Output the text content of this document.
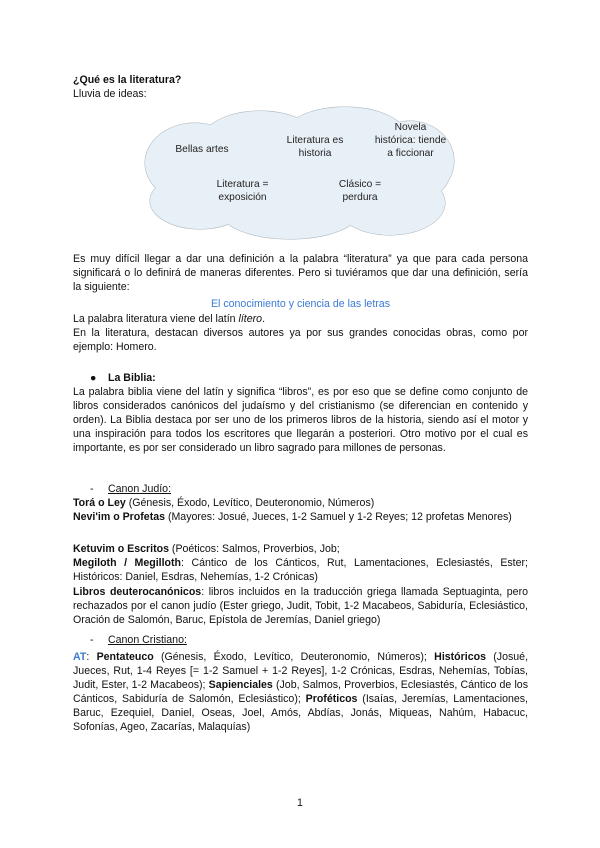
¿Qué es la literatura?

Lluvia de ideas:

Bellas artes
Literatura es
historia
Novela
histórica: tiende
a ficcionar
Literatura =
exposición
Clásico =
perdura

Es muy difícil llegar a dar una definición a la palabra “literatura” ya que para cada persona significará o lo definirá de maneras diferentes. Pero si tuviéramos que dar una definición, sería la siguiente:

El conocimiento y ciencia de las letras

La palabra literatura viene del latín lítero.

En la literatura, destacan diversos autores ya por sus grandes conocidas obras, como por ejemplo: Homero.

● La Biblia:

La palabra biblia viene del latín y significa “libros”, es por eso que se define como conjunto de libros considerados canónicos del judaísmo y del cristianismo (se diferencian en contenido y orden). La Biblia destaca por ser uno de los primeros libros de la historia, siendo así el motor y una inspiración para todos los escritores que llegarán a posteriori. Otro motivo por el cual es importante, es por ser considerado un libro sagrado para millones de personas.

- Canon Judío:

Torá o Ley (Génesis, Éxodo, Levítico, Deuteronomio, Números)

Nevi'im o Profetas (Mayores: Josué, Jueces, 1-2 Samuel y 1-2 Reyes; 12 profetas Menores)

Ketuvim o Escritos (Poéticos: Salmos, Proverbios, Job;

Megiloth / Megilloth: Cántico de los Cánticos, Rut, Lamentaciones, Eclesiastés, Ester; Históricos: Daniel, Esdras, Nehemías, 1-2 Crónicas)

Libros deuterocanónicos: libros incluidos en la traducción griega llamada Septuaginta, pero rechazados por el canon judío (Ester griego, Judit, Tobit, 1-2 Macabeos, Sabiduría, Eclesiástico, Oración de Salomón, Baruc, Epístola de Jeremías, Daniel griego)

- Canon Cristiano:

AT: Pentateuco (Génesis, Éxodo, Levítico, Deuteronomio, Números); Históricos (Josué, Jueces, Rut, 1-4 Reyes [= 1-2 Samuel + 1-2 Reyes], 1-2 Crónicas, Esdras, Nehemías, Tobías, Judit, Ester, 1-2 Macabeos); Sapienciales (Job, Salmos, Proverbios, Eclesiastés, Cántico de los Cánticos, Sabiduría de Salomón, Eclesiástico); Proféticos (Isaías, Jeremías, Lamentaciones, Baruc, Ezequiel, Daniel, Oseas, Joel, Amós, Abdías, Jonás, Miqueas, Nahúm, Habacuc, Sofonías, Ageo, Zacarías, Malaquías)

1
